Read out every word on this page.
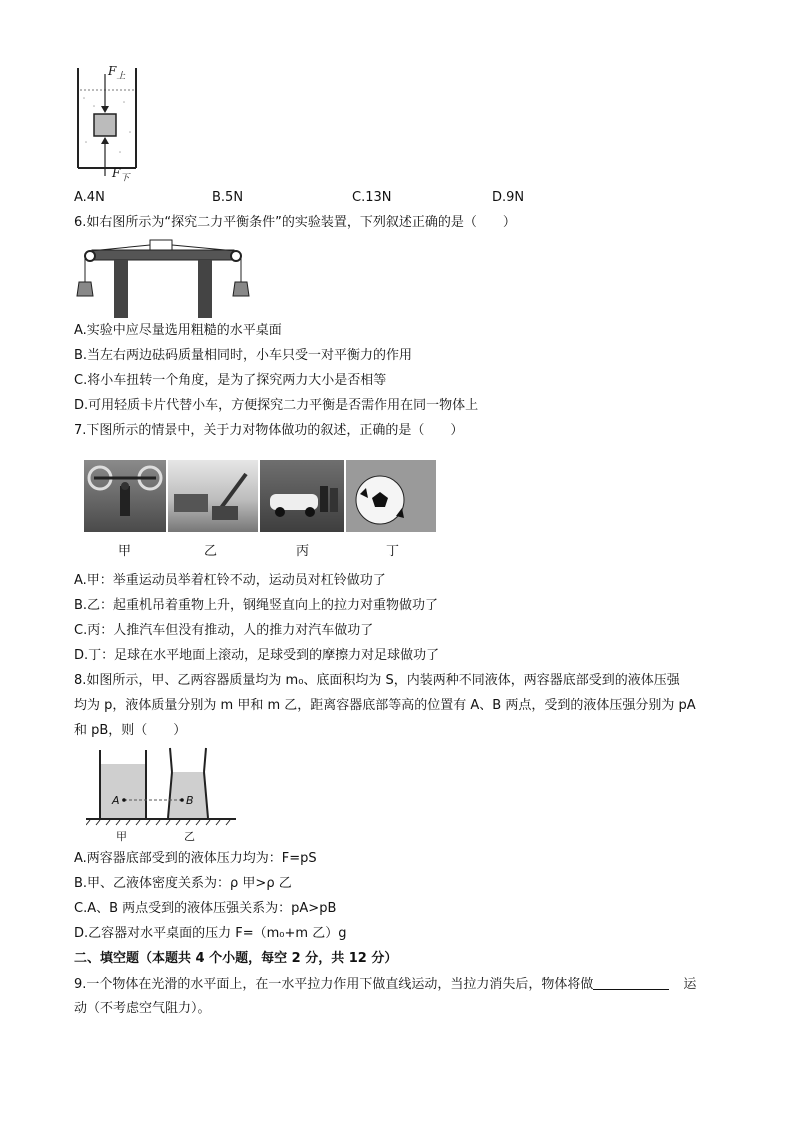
$F_上$
$F_下$
A.4N	B.5N	C.13N	D.9N
6.如右图所示为“探究二力平衡条件”的实验装置，下列叙述正确的是（　　）
A.实验中应尽量选用粗糙的水平桌面
B.当左右两边砝码质量相同时，小车只受一对平衡力的作用
C.将小车扭转一个角度，是为了探究两力大小是否相等
D.可用轻质卡片代替小车，方便探究二力平衡是否需作用在同一物体上
7.下图所示的情景中，关于力对物体做功的叙述，正确的是（　　）
甲	乙	丙	丁
A.甲：举重运动员举着杠铃不动，运动员对杠铃做功了
B.乙：起重机吊着重物上升，钢绳竖直向上的拉力对重物做功了
C.丙：人推汽车但没有推动，人的推力对汽车做功了
D.丁：足球在水平地面上滚动，足球受到的摩擦力对足球做功了
8.如图所示，甲、乙两容器质量均为 m₀、底面积均为 S，内装两种不同液体，两容器底部受到的液体压强
均为 p，液体质量分别为 m 甲和 m 乙，距离容器底部等高的位置有 A、B 两点，受到的液体压强分别为 pA
和 pB，则（　　）
A	B
甲	乙
A.两容器底部受到的液体压力均为：F=pS
B.甲、乙液体密度关系为：ρ 甲>ρ 乙
C.A、B 两点受到的液体压强关系为：pA>pB
D.乙容器对水平桌面的压力 F=（m₀+m 乙）g
二、填空题（本题共 4 个小题，每空 2 分，共 12 分）
9.一个物体在光滑的水平面上，在一水平拉力作用下做直线运动，当拉力消失后，物体将做	运
动（不考虑空气阻力）。
